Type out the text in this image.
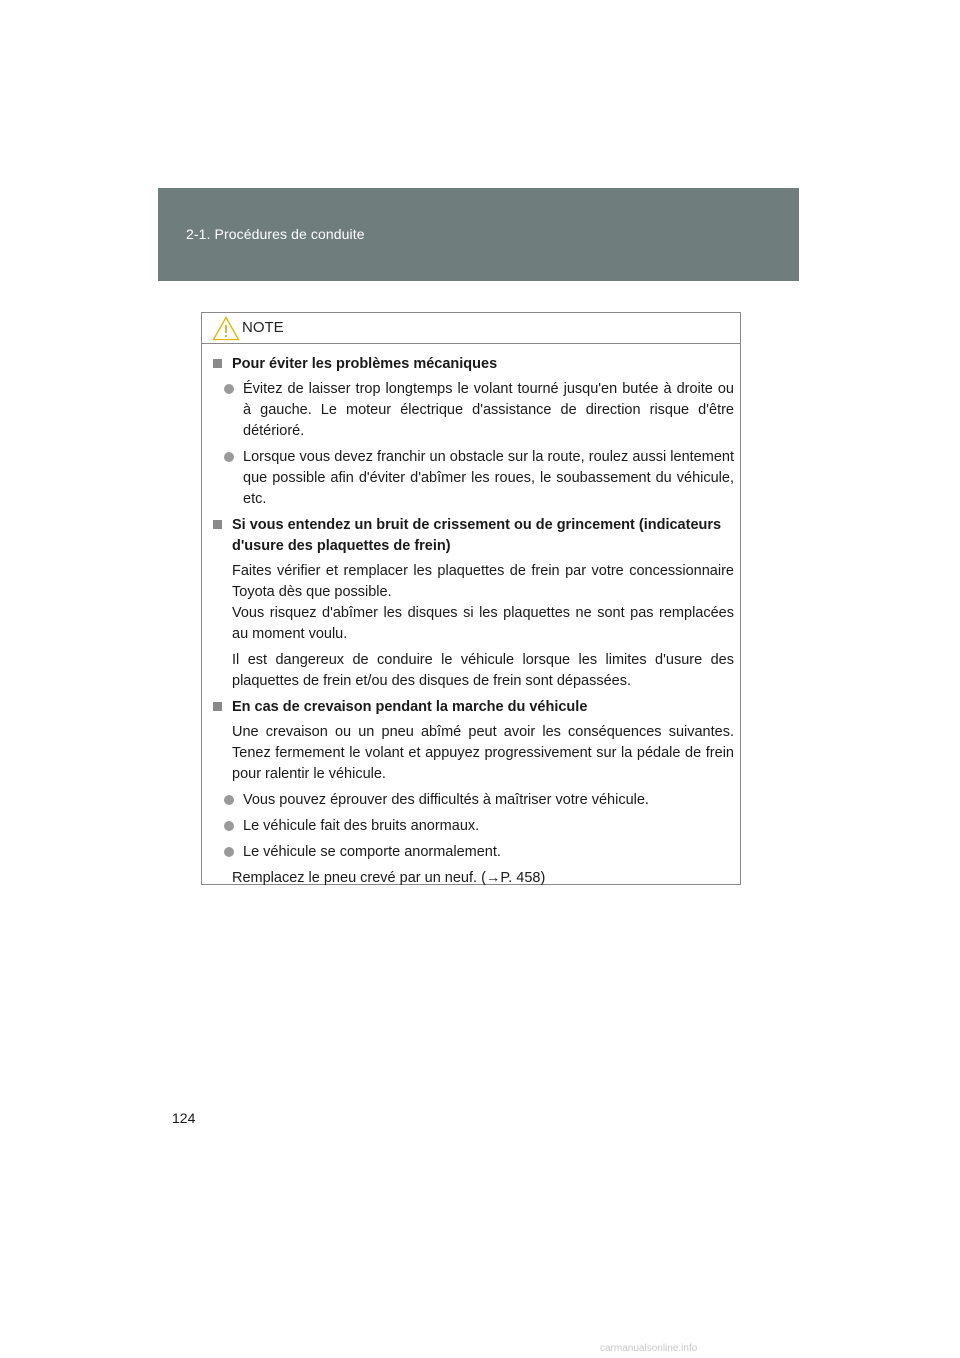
2-1. Procédures de conduite
NOTE
Pour éviter les problèmes mécaniques
Évitez de laisser trop longtemps le volant tourné jusqu'en butée à droite ou à gauche. Le moteur électrique d'assistance de direction risque d'être détérioré.
Lorsque vous devez franchir un obstacle sur la route, roulez aussi lentement que possible afin d'éviter d'abîmer les roues, le soubassement du véhicule, etc.
Si vous entendez un bruit de crissement ou de grincement (indicateurs d'usure des plaquettes de frein)
Faites vérifier et remplacer les plaquettes de frein par votre concessionnaire Toyota dès que possible.
Vous risquez d'abîmer les disques si les plaquettes ne sont pas remplacées au moment voulu.
Il est dangereux de conduire le véhicule lorsque les limites d'usure des plaquettes de frein et/ou des disques de frein sont dépassées.
En cas de crevaison pendant la marche du véhicule
Une crevaison ou un pneu abîmé peut avoir les conséquences suivantes. Tenez fermement le volant et appuyez progressivement sur la pédale de frein pour ralentir le véhicule.
Vous pouvez éprouver des difficultés à maîtriser votre véhicule.
Le véhicule fait des bruits anormaux.
Le véhicule se comporte anormalement.
Remplacez le pneu crevé par un neuf. (→P. 458)
124
carmanualsonline.info
